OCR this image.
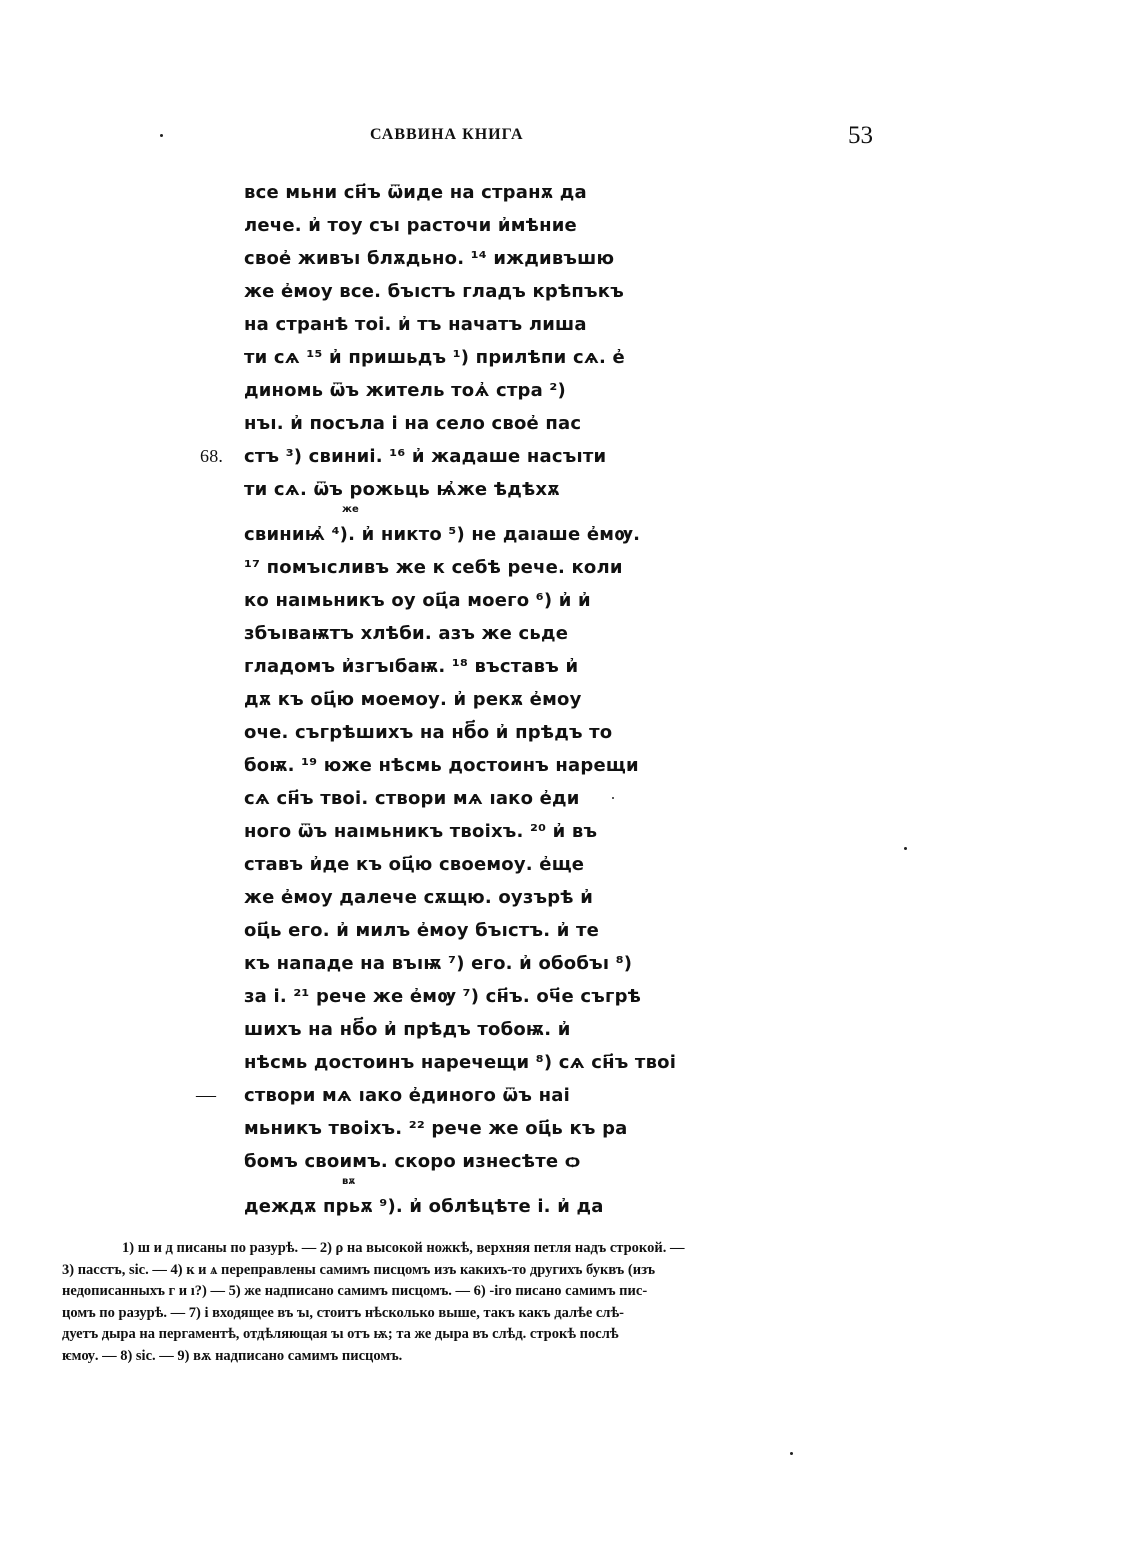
САВВИНА КНИГА	53
все мьни сн҃ъ ѿиде на странѫ да
лече. и҆ тоу съı расточи и҆мѣние
свое҆ живъı блѫдьно. ¹⁴ иждивъшю
же е҆моу все. бъıстъ гладъ крѣпъкъ
на странѣ тоі. и҆ тъ начатъ лиша
ти сѧ ¹⁵ и҆ пришьдъ ¹) прилѣпи сѧ. е҆
диномь ѿъ житель тоѧ҆ стра ²)
нъı. и҆ посъла і на село свое҆ пас
68. стъ ³) свиниі. ¹⁶ и҆ жадаше насъıти
ти сѧ. ѿъ рожьць ѩ҆же ѣдѣхѫ
же
свиниѩ҆ ⁴). и҆ никто ⁵) не даıаше е҆мѹ.
¹⁷ помъıсливъ же к себѣ рече. коли
ко наıмьникъ оу оц҃а моего ⁶) и҆ и҆
збъıваѭтъ хлѣби. азъ же сьде
гладомъ и҆згъıбаѭ. ¹⁸ въставъ и҆
дѫ къ оц҃ю моемоу. и҆ рекѫ е҆моу
оче. съгрѣшихъ на нб҃о и҆ прѣдъ то
боѭ. ¹⁹ юже нѣсмь достоинъ нарещи
сѧ сн҃ъ твоі. створи мѧ ıако е҆ди
ного ѿъ наıмьникъ твоіхъ. ²⁰ и҆ въ
ставъ и҆де къ оц҃ю своемоу. е҆ще
же е҆моу далече сѫщю. оузърѣ и҆
оц҃ь его. и҆ милъ е҆моу бъıстъ. и҆ те
къ нападе на въıѭ ⁷) его. и҆ обобъı ⁸)
за і. ²¹ рече же е҆мѹ ⁷) сн҃ъ. оч҃е съгрѣ
шихъ на нб҃о и҆ прѣдъ тобоѭ. и҆
нѣсмь достоинъ наречещи ⁸) сѧ сн҃ъ твоі
— створи мѧ ıако е҆диного ѿъ наі
мьникъ твоіхъ. ²² рече же оц҃ь къ ра
бомъ своимъ. скоро изнесѣте ѻ
вѫ
деждѫ прьѫ ⁹). и҆ облѣцѣте і. и҆ да
1) ш и д писаны по разурѣ. — 2) ρ на высокой ножкѣ, верхняя петля надъ строкой. —
3) пасстъ, sic. — 4) к и ѧ перепpавлены самимъ писцомъ изъ какихъ-то другихъ буквъ (изъ
недописанныхъ г и ı?) — 5) же надписано самимъ писцомъ. — 6) -іго писано самимъ пис-
цомъ по разурѣ. — 7) і входящее въ ъı, стоитъ нѣсколько выше, такъ какъ далѣе слѣ-
дуетъ дыра на пергаментѣ, отдѣляющая ъı отъ ѭ; та же дыра въ слѣд. строкѣ послѣ
ѥмѹ. — 8) sic. — 9) вѫ надписано самимъ писцомъ.
